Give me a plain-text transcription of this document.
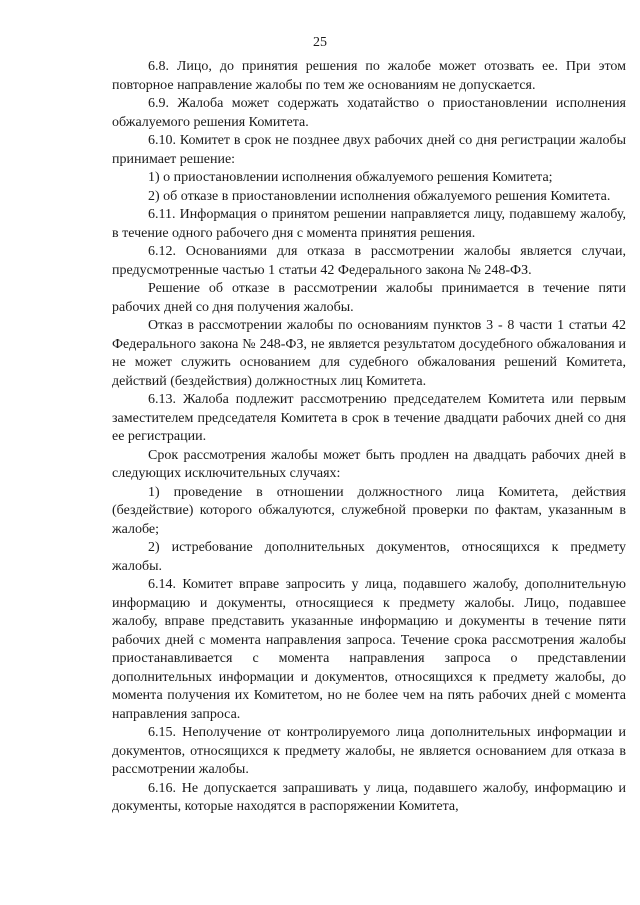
25

6.8. Лицо, до принятия решения по жалобе может отозвать ее. При этом повторное направление жалобы по тем же основаниям не допускается.

6.9. Жалоба может содержать ходатайство о приостановлении исполнения обжалуемого решения Комитета.

6.10. Комитет в срок не позднее двух рабочих дней со дня регистрации жалобы принимает решение:

1) о приостановлении исполнения обжалуемого решения Комитета;

2) об отказе в приостановлении исполнения обжалуемого решения Комитета.

6.11. Информация о принятом решении направляется лицу, подавшему жалобу, в течение одного рабочего дня с момента принятия решения.

6.12. Основаниями для отказа в рассмотрении жалобы является случаи, предусмотренные частью 1 статьи 42 Федерального закона № 248-ФЗ.

Решение об отказе в рассмотрении жалобы принимается в течение пяти рабочих дней со дня получения жалобы.

Отказ в рассмотрении жалобы по основаниям пунктов 3 - 8 части 1 статьи 42 Федерального закона № 248-ФЗ, не является результатом досудебного обжалования и не может служить основанием для судебного обжалования решений Комитета, действий (бездействия) должностных лиц Комитета.

6.13. Жалоба подлежит рассмотрению председателем Комитета или первым заместителем председателя Комитета в срок в течение двадцати рабочих дней со дня ее регистрации.

Срок рассмотрения жалобы может быть продлен на двадцать рабочих дней в следующих исключительных случаях:

1) проведение в отношении должностного лица Комитета, действия (бездействие) которого обжалуются, служебной проверки по фактам, указанным в жалобе;

2) истребование дополнительных документов, относящихся к предмету жалобы.

6.14. Комитет вправе запросить у лица, подавшего жалобу, дополнительную информацию и документы, относящиеся к предмету жалобы. Лицо, подавшее жалобу, вправе представить указанные информацию и документы в течение пяти рабочих дней с момента направления запроса. Течение срока рассмотрения жалобы приостанавливается с момента направления запроса о представлении дополнительных информации и документов, относящихся к предмету жалобы, до момента получения их Комитетом, но не более чем на пять рабочих дней с момента направления запроса.

6.15. Неполучение от контролируемого лица дополнительных информации и документов, относящихся к предмету жалобы, не является основанием для отказа в рассмотрении жалобы.

6.16. Не допускается запрашивать у лица, подавшего жалобу, информацию и документы, которые находятся в распоряжении Комитета,
